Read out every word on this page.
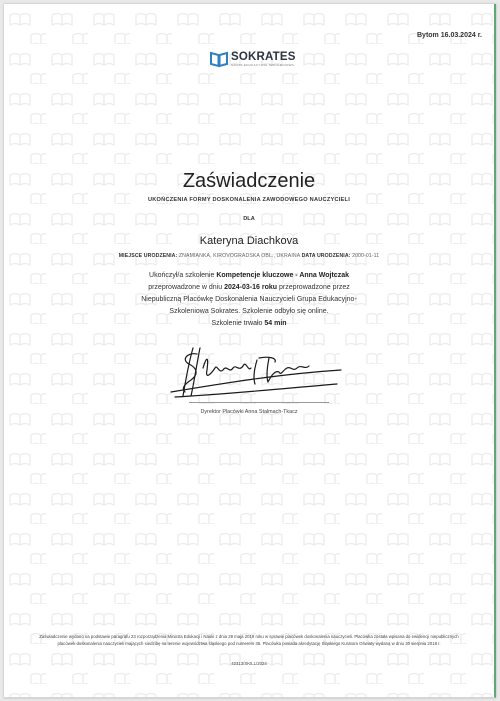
Bytom 16.03.2024 r.
SOKRATES
GRUPA EDUKACYJNO-SZKOLENIOWA
Zaświadczenie
UKOŃCZENIA FORMY DOSKONALENIA ZAWODOWEGO NAUCZYCIELI
DLA
Kateryna Diachkova
MIEJSCE URODZENIA: ZNAMIANKA, KIROVOGRADSKA OBL., UKRAINA DATA URODZENIA: 2000-01-11
Ukończył/a szkolenie Kompetencje kluczowe - Anna Wojtczak
przeprowadzone w dniu 2024-03-16 roku przeprowadzone przez
Niepubliczną Placówkę Doskonalenia Nauczycieli Grupa Edukacyjno-
Szkoleniowa Sokrates. Szkolenie odbyło się online.
Szkolenie trwało 54 min
Dyrektor Placówki Anna Stalmach-Tkacz
Zaświadczenie wydano na podstawie paragrafu 23 rozporządzenia Ministra Edukacji i Nauki z dnia 28 maja 2019 roku w sprawie placówek doskonalenia nauczycieli. Placówka została wpisana do ewidencji niepublicznych placówek doskonalenia nauczycieli mających siedzibę na terenie województwa śląskiego pod numerem 35. Placówka posiada akredytację Śląskiego Kuratora Oświaty wydaną w dniu 30 sierpnia 2018 r.
42313/SKILL/2024
